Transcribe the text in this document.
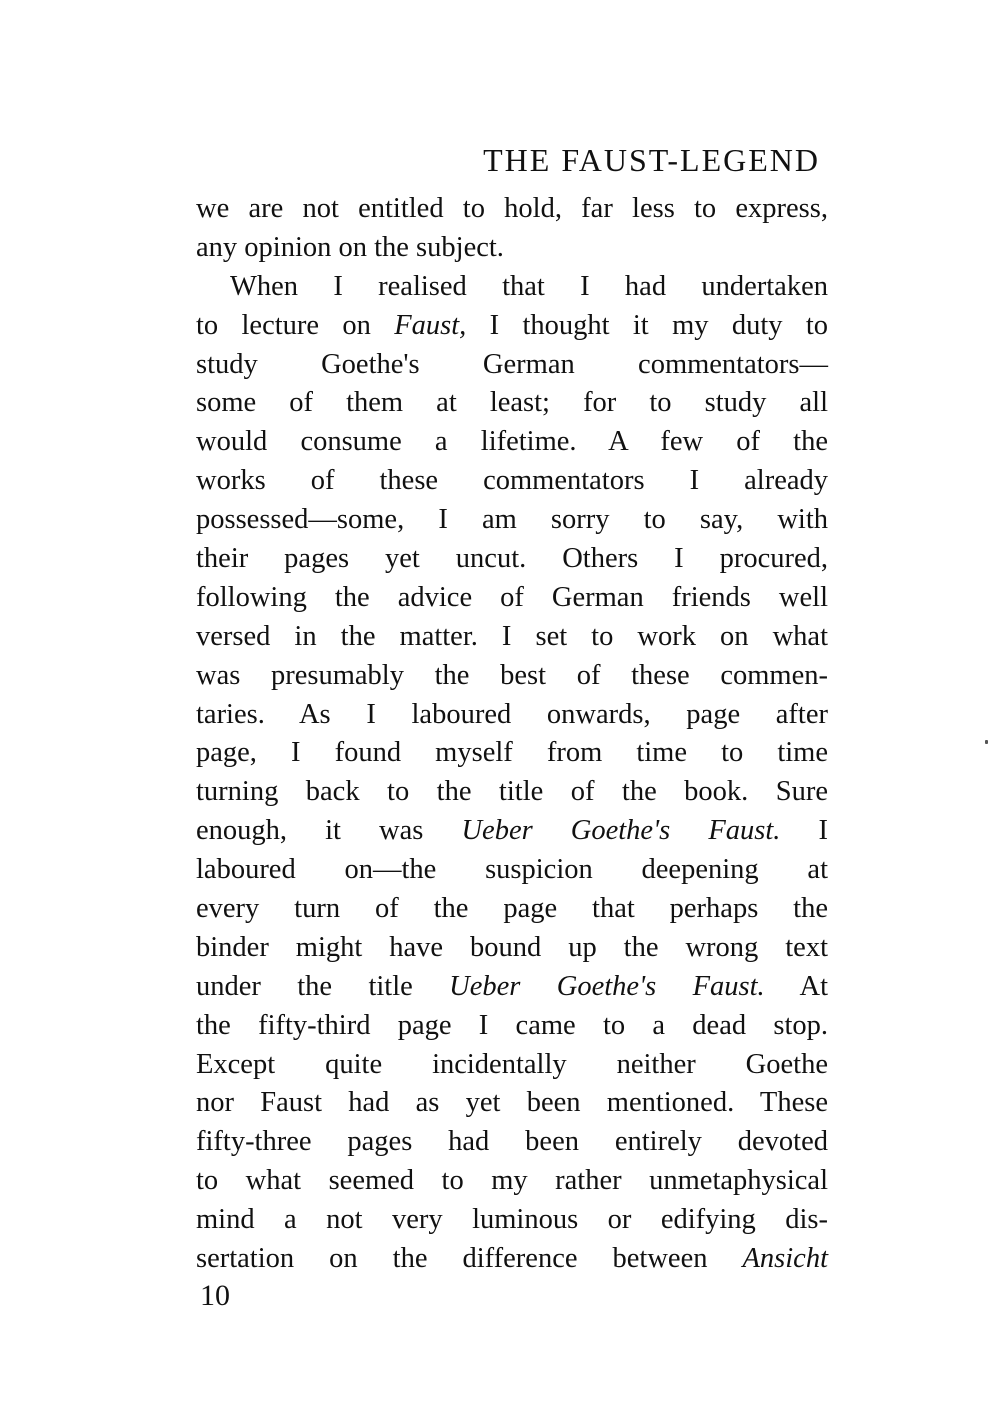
THE FAUST-LEGEND
we are not entitled to hold, far less to express,
any opinion on the subject.
When I realised that I had undertaken
to lecture on Faust, I thought it my duty to
study Goethe's German commentators—
some of them at least; for to study all
would consume a lifetime. A few of the
works of these commentators I already
possessed—some, I am sorry to say, with
their pages yet uncut. Others I procured,
following the advice of German friends well
versed in the matter. I set to work on what
was presumably the best of these commen-
taries. As I laboured onwards, page after
page, I found myself from time to time
turning back to the title of the book. Sure
enough, it was Ueber Goethe's Faust. I
laboured on—the suspicion deepening at
every turn of the page that perhaps the
binder might have bound up the wrong text
under the title Ueber Goethe's Faust. At
the fifty-third page I came to a dead stop.
Except quite incidentally neither Goethe
nor Faust had as yet been mentioned. These
fifty-three pages had been entirely devoted
to what seemed to my rather unmetaphysical
mind a not very luminous or edifying dis-
sertation on the difference between Ansicht
10
